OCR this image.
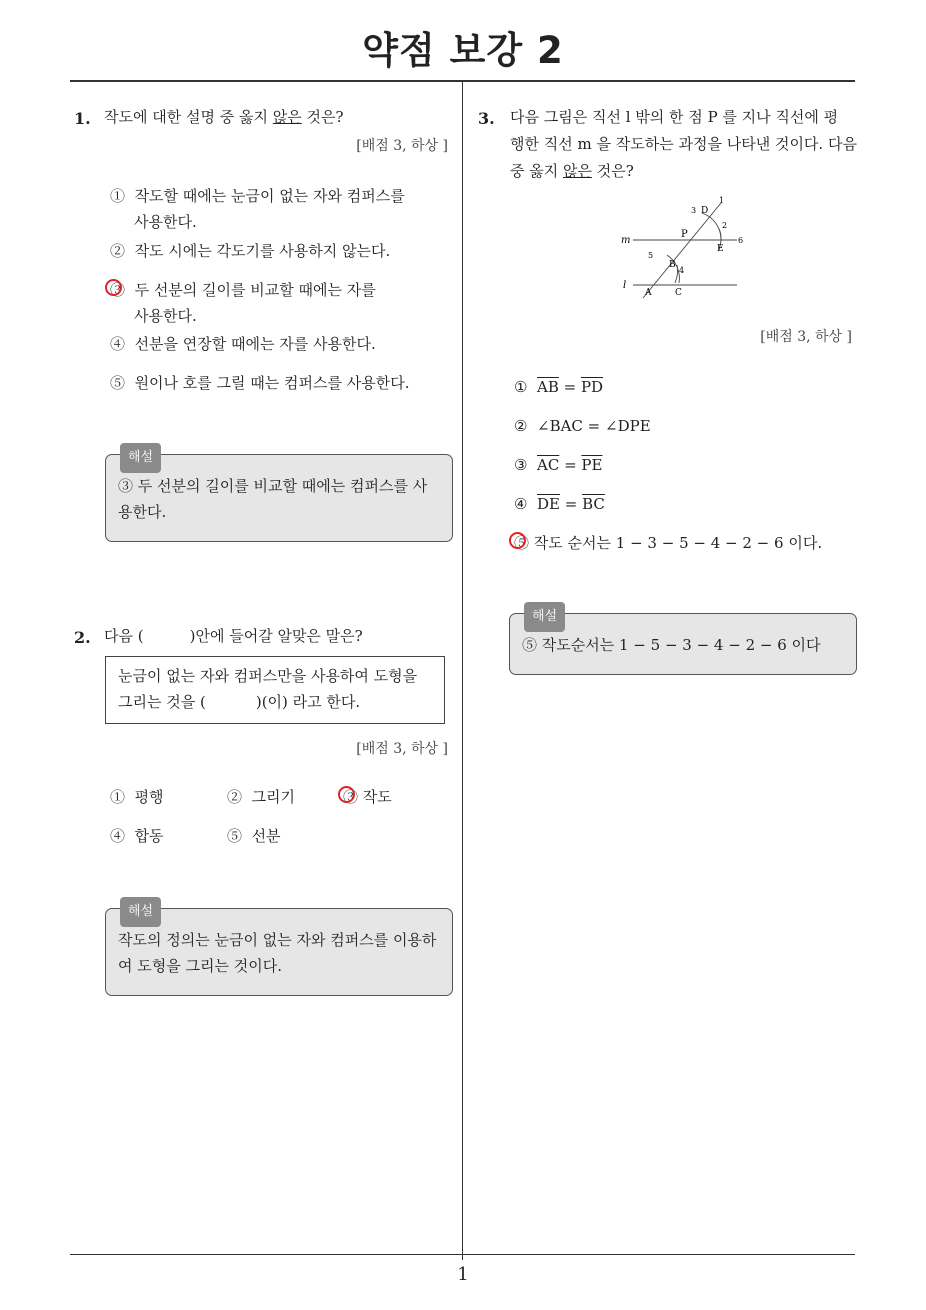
약점 보강 2
1
1. 작도에 대한 설명 중 옳지 않은 것은?
[배점 3, 하상 ]
① 작도할 때에는 눈금이 없는 자와 컴퍼스를
사용한다.
② 작도 시에는 각도기를 사용하지 않는다.
③ 두 선분의 길이를 비교할 때에는 자를
사용한다.
④ 선분을 연장할 때에는 자를 사용한다.
⑤ 원이나 호를 그릴 때는 컴퍼스를 사용한다.
해설
③ 두 선분의 길이를 비교할 때에는 컴퍼스를 사
용한다.
2. 다음 (	)안에 들어갈 알맞은 말은?
눈금이 없는 자와 컴퍼스만을 사용하여 도형을
그리는 것을 (	)(이) 라고 한다.
[배점 3, 하상 ]
① 평행	② 그리기	③ 작도
④ 합동	⑤ 선분
해설
작도의 정의는 눈금이 없는 자와 컴퍼스를 이용하
여 도형을 그리는 것이다.
3. 다음 그림은 직선 l 밖의 한 점 P 를 지나 직선에 평
행한 직선 m 을 작도하는 과정을 나타낸 것이다. 다음
중 옳지 않은 것은?
m
l
P
A
B
C
D
E
1
2
3
4
5
6
[배점 3, 하상 ]
① $\overline{AB} = \overline{PD}$
② ∠BAC = ∠DPE
③ $\overline{AC} = \overline{PE}$
④ $\overline{DE} = \overline{BC}$
⑤ 작도 순서는 1 − 3 − 5 − 4 − 2 − 6 이다.
해설
⑤ 작도순서는 1 − 5 − 3 − 4 − 2 − 6 이다
